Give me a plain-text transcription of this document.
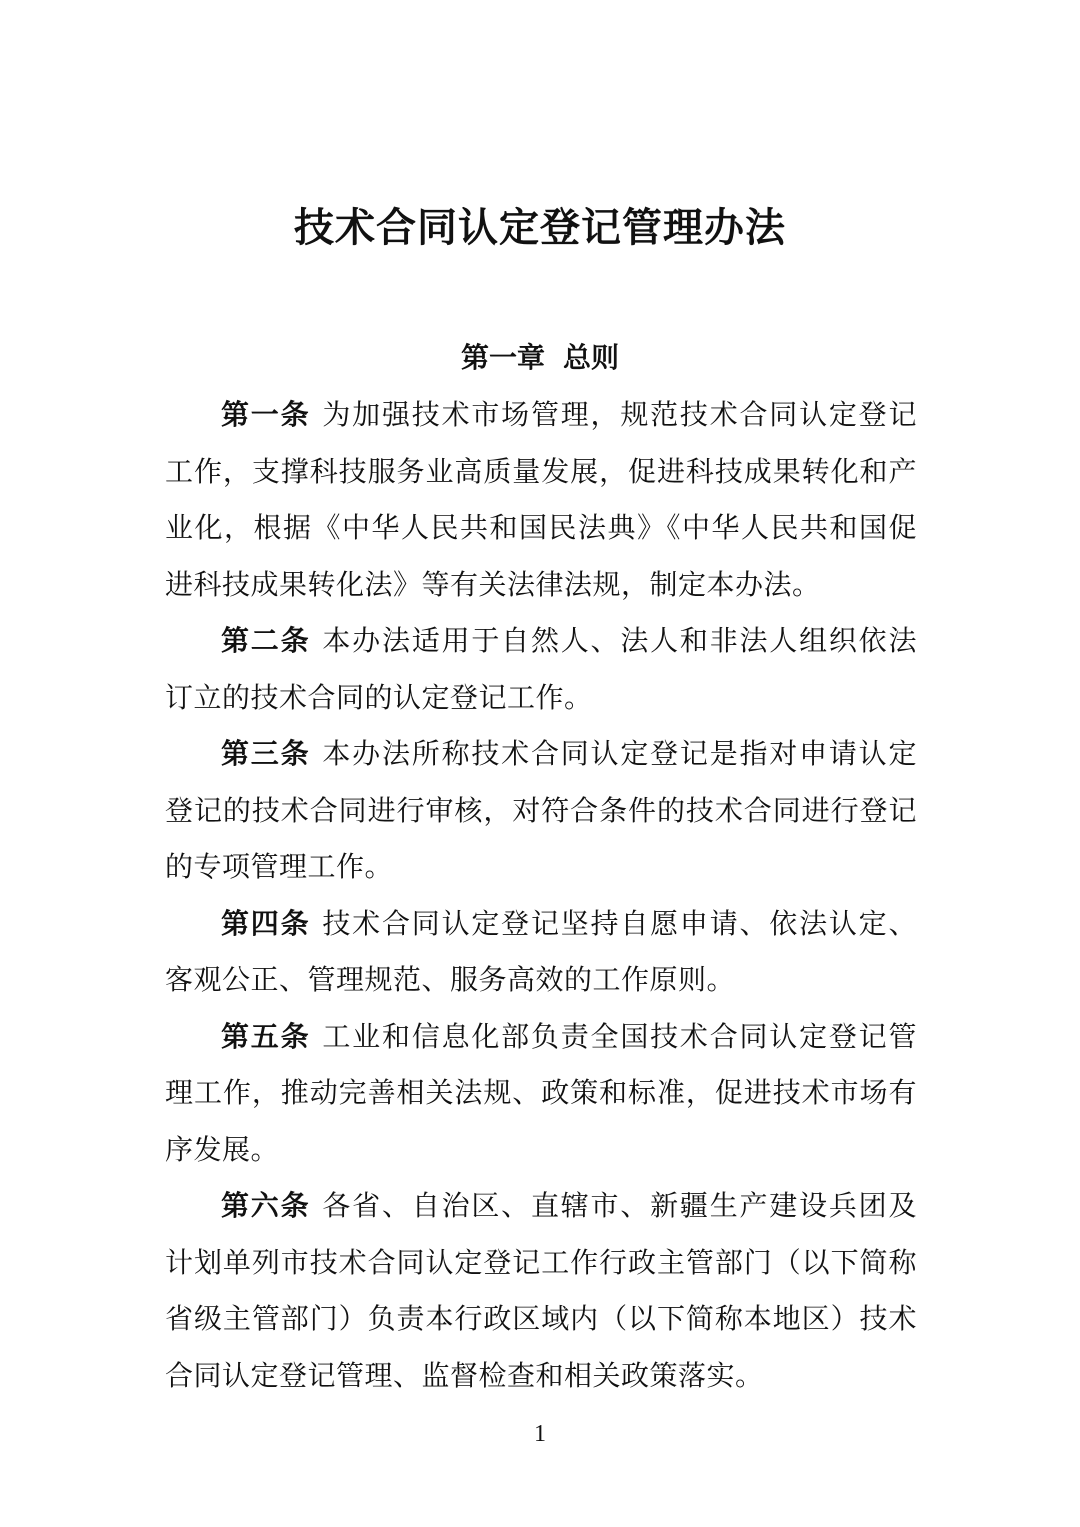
技术合同认定登记管理办法
第一章 总则

第一条 为加强技术市场管理，规范技术合同认定登记工作，支撑科技服务业高质量发展，促进科技成果转化和产业化，根据《中华人民共和国民法典》《中华人民共和国促进科技成果转化法》等有关法律法规，制定本办法。

第二条 本办法适用于自然人、法人和非法人组织依法订立的技术合同的认定登记工作。

第三条 本办法所称技术合同认定登记是指对申请认定登记的技术合同进行审核，对符合条件的技术合同进行登记的专项管理工作。

第四条 技术合同认定登记坚持自愿申请、依法认定、客观公正、管理规范、服务高效的工作原则。

第五条 工业和信息化部负责全国技术合同认定登记管理工作，推动完善相关法规、政策和标准，促进技术市场有序发展。

第六条 各省、自治区、直辖市、新疆生产建设兵团及计划单列市技术合同认定登记工作行政主管部门（以下简称省级主管部门）负责本行政区域内（以下简称本地区）技术合同认定登记管理、监督检查和相关政策落实。

1
